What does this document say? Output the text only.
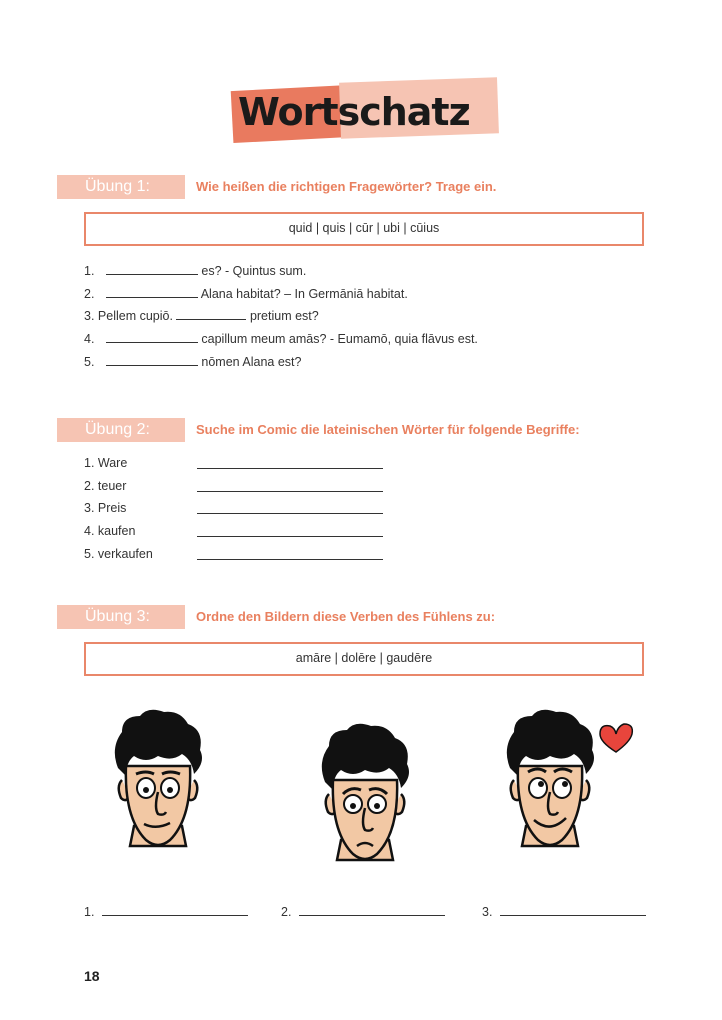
Wortschatz
Übung 1:	Wie heißen die richtigen Fragewörter? Trage ein.
quid | quis | cūr | ubi | cūius
1.	es? - Quintus sum.
2.	Alana habitat? – In Germāniā habitat.
3. Pellem cupiō.	pretium est?
4.	capillum meum amās? - Eumamō, quia flāvus est.
5.	nōmen Alana est?
Übung 2:	Suche im Comic die lateinischen Wörter für folgende Begriffe:
1. Ware
2. teuer
3. Preis
4. kaufen
5. verkaufen
Übung 3:	Ordne den Bildern diese Verben des Fühlens zu:
amāre | dolēre | gaudēre
1.	2.	3.
18
